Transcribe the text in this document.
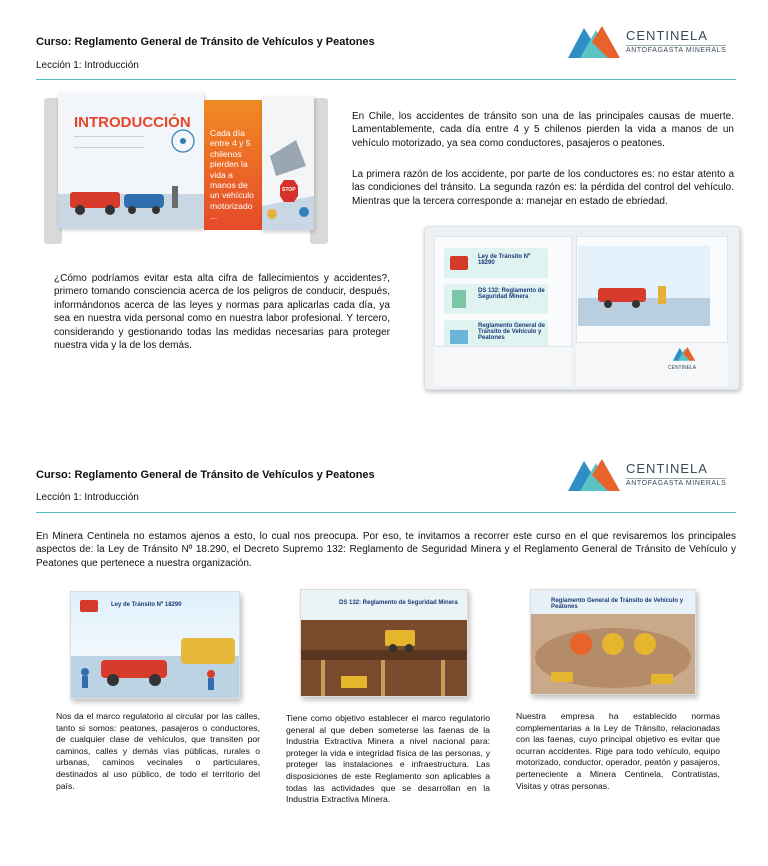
Curso: Reglamento General de Tránsito de Vehículos y Peatones
Lección 1: Introducción
CENTINELA
ANTOFAGASTA MINERALS
INTRODUCCIÓN
Cada día entre 4 y 5 chilenos pierden la vida a manos de un vehículo motorizado ...
STOP
En Chile, los accidentes de tránsito son una de las principales causas de muerte. Lamentablemente, cada día entre 4 y 5 chilenos pierden la vida a manos de un vehículo motorizado, ya sea como conductores, pasajeros o peatones.
La primera razón de los accidente, por parte de los conductores es: no estar atento a las condiciones del tránsito. La segunda razón es: la pérdida del control del vehículo. Mientras que la tercera corresponde a: manejar en estado de ebriedad.
¿Cómo podríamos evitar esta alta cifra de fallecimientos y accidentes?, primero tomando consciencia acerca de los peligros de conducir, después, informándonos acerca de las leyes y normas para aplicarlas cada día, ya sea en nuestra vida personal como en nuestra labor profesional. Y tercero, considerando y gestionando todas las medidas necesarias para proteger nuestra vida y la de los demás.
Ley de Tránsito Nº 18290
DS 132: Reglamento de Seguridad Minera
Reglamento General de Tránsito de Vehículo y Peatones
CENTINELA
Curso: Reglamento General de Tránsito de Vehículos y Peatones
Lección 1: Introducción
CENTINELA
ANTOFAGASTA MINERALS
En Minera Centinela no estamos ajenos a esto, lo cual nos preocupa. Por eso, te invitamos a recorrer este curso en el que revisaremos los principales aspectos de: la Ley de Tránsito Nº 18.290, el Decreto Supremo 132: Reglamento de Seguridad Minera y el Reglamento General de Tránsito de Vehículo y Peatones que pertenece a nuestra organización.
Ley de Tránsito Nº 18290
Nos da el marco regulatorio al circular por las calles, tanto si somos: peatones, pasajeros o conductores, de cualquier clase de vehículos, que transiten por caminos, calles y demás vías públicas, rurales o urbanas, caminos vecinales o particulares, destinados al uso público, de todo el territorio del país.
DS 132: Reglamento de Seguridad Minera
Tiene como objetivo establecer el marco regulatorio general al que deben someterse las faenas de la Industria Extractiva Minera a nivel nacional para: proteger la vida e integridad física de las personas, y proteger las instalaciones e infraestructura. Las disposiciones de este Reglamento son aplicables a todas las actividades que se desarrollan en la Industria Extractiva Minera.
Reglamento General de Tránsito de Vehículo y Peatones
Nuestra empresa ha establecido normas complementarias a la Ley de Tránsito, relacionadas con las faenas, cuyo principal objetivo es evitar que ocurran accidentes. Rige para todo vehículo, equipo motorizado, conductor, operador, peatón y pasajeros, perteneciente a Minera Centinela, Contratistas, Visitas y otras personas.
